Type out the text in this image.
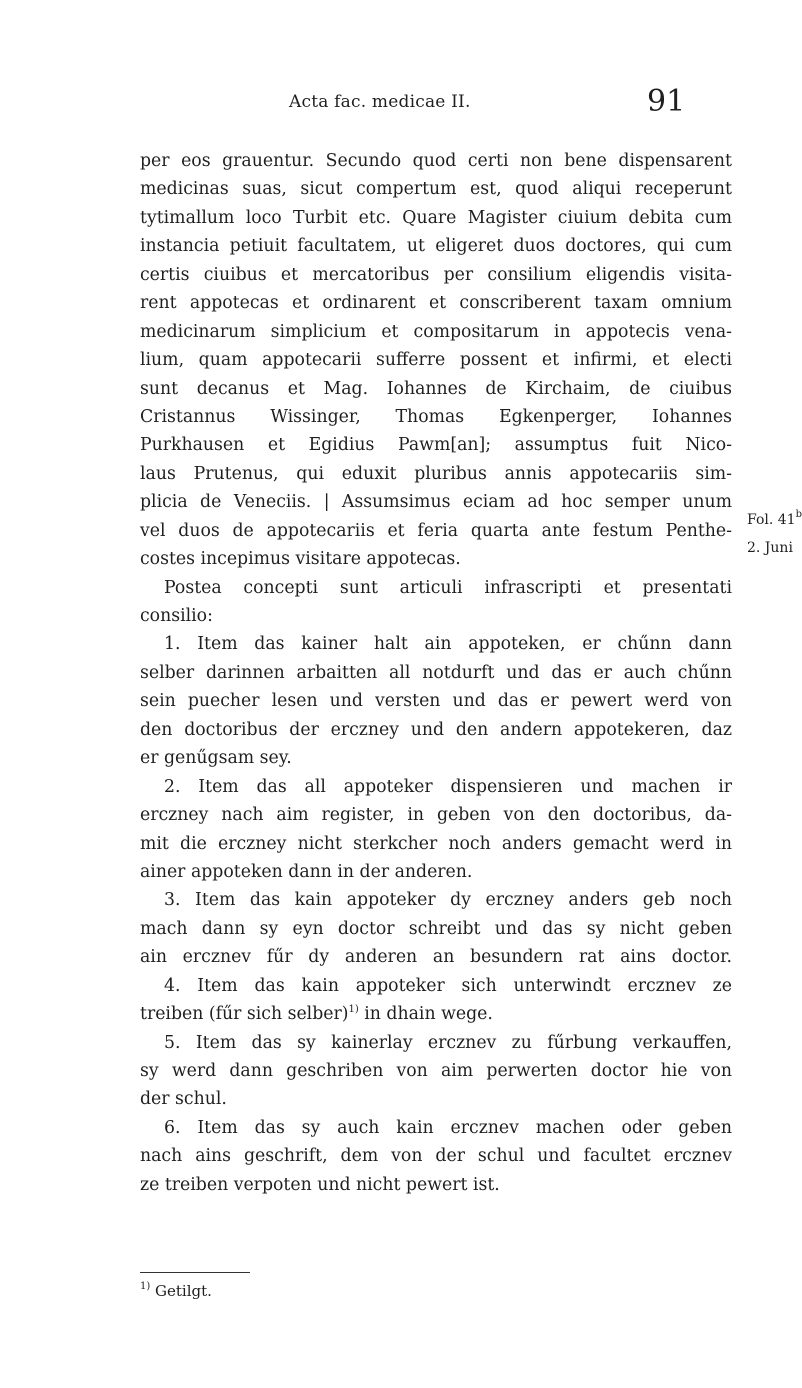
Acta fac. medicae II.	91
per eos grauentur. Secundo quod certi non bene dispensarent
medicinas suas, sicut compertum est, quod aliqui receperunt
tytimallum loco Turbit etc. Quare Magister ciuium debita cum
instancia petiuit facultatem, ut eligeret duos doctores, qui cum
certis ciuibus et mercatoribus per consilium eligendis visita-
rent appotecas et ordinarent et conscriberent taxam omnium
medicinarum simplicium et compositarum in appotecis vena-
lium, quam appotecarii sufferre possent et infirmi, et electi
sunt decanus et Mag. Iohannes de Kirchaim, de ciuibus
Cristannus Wissinger, Thomas Egkenperger, Iohannes
Purkhausen et Egidius Pawm[an]; assumptus fuit Nico-
laus Prutenus, qui eduxit pluribus annis appotecariis sim-
plicia de Veneciis. | Assumsimus eciam ad hoc semper unum
vel duos de appotecariis et feria quarta ante festum Penthe-
costes incepimus visitare appotecas.
Postea concepti sunt articuli infrascripti et presentati
consilio:
1. Item das kainer halt ain appoteken, er chűnn dann
selber darinnen arbaitten all notdurft und das er auch chűnn
sein puecher lesen und versten und das er pewert werd von
den doctoribus der erczney und den andern appotekeren, daz
er genűgsam sey.
2. Item das all appoteker dispensieren und machen ir
erczney nach aim register, in geben von den doctoribus, da-
mit die erczney nicht sterkcher noch anders gemacht werd in
ainer appoteken dann in der anderen.
3. Item das kain appoteker dy erczney anders geb noch
mach dann sy eyn doctor schreibt und das sy nicht geben
ain ercznev fűr dy anderen an besundern rat ains doctor.
4. Item das kain appoteker sich unterwindt ercznev ze
treiben (fűr sich selber)$^{1)}$ in dhain wege.
5. Item das sy kainerlay ercznev zu fűrbung verkauffen,
sy werd dann geschriben von aim perwerten doctor hie von
der schul.
6. Item das sy auch kain ercznev machen oder geben
nach ains geschrift, dem von der schul und facultet ercznev
ze treiben verpoten und nicht pewert ist.
Fol. 41$^b$
2. Juni
$^{1)}$ Getilgt.
